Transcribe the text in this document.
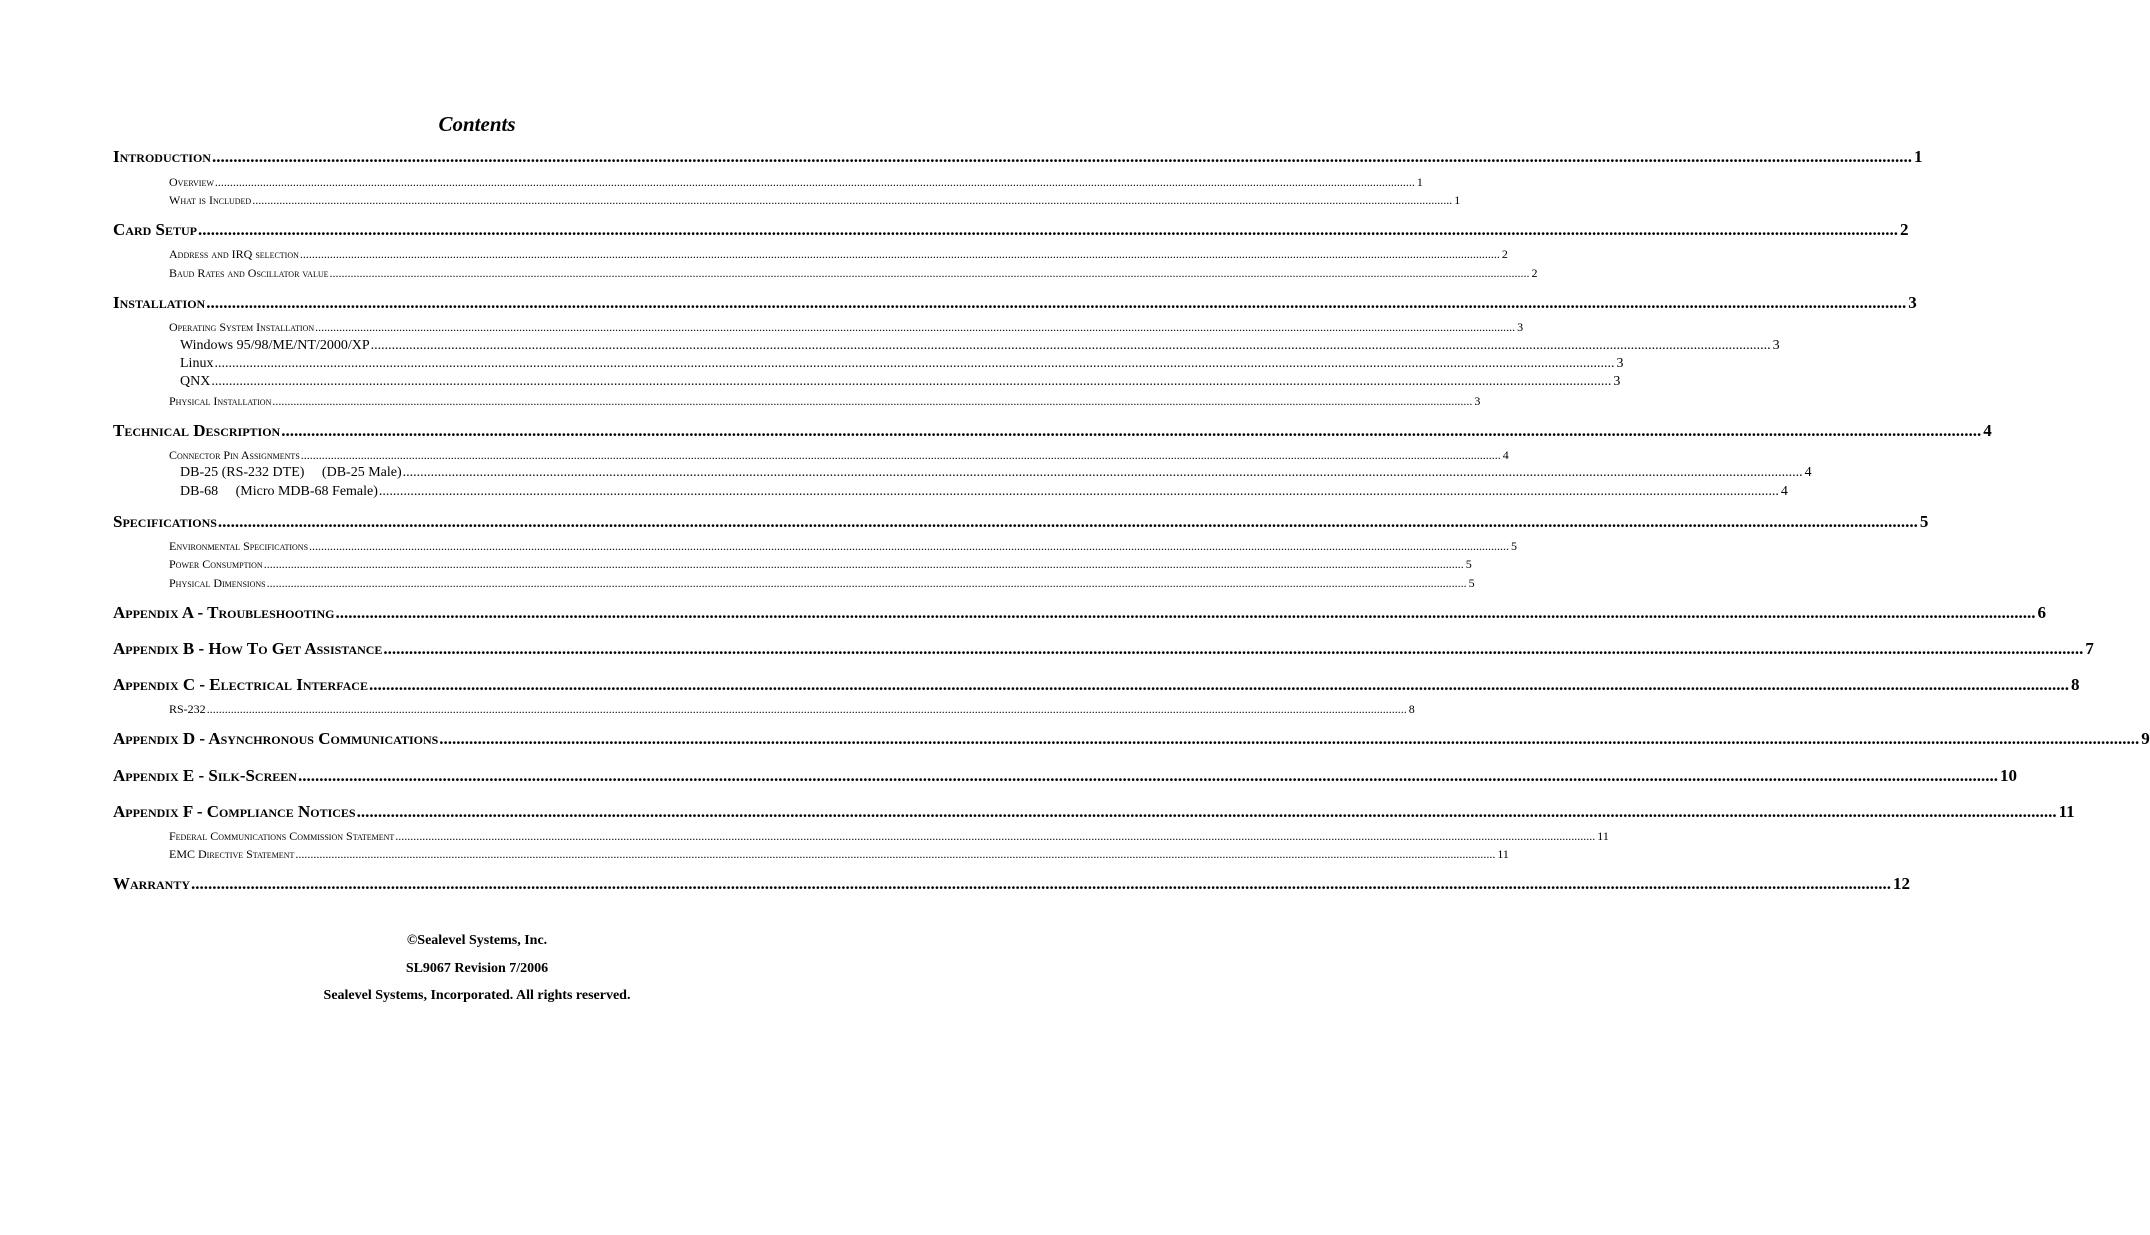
Contents
Introduction ................................................................................................................................................................................................................................................................................................................................................................................................................ 1
Overview ................................................................................................................................................................................................................................................................................................................................................................................................................ 1
What is Included ................................................................................................................................................................................................................................................................................................................................................................................................................ 1
Card Setup ................................................................................................................................................................................................................................................................................................................................................................................................................ 2
Address and IRQ selection ................................................................................................................................................................................................................................................................................................................................................................................................................ 2
Baud Rates and Oscillator value ................................................................................................................................................................................................................................................................................................................................................................................................................ 2
Installation ................................................................................................................................................................................................................................................................................................................................................................................................................ 3
Operating System Installation ................................................................................................................................................................................................................................................................................................................................................................................................................ 3
Windows 95/98/ME/NT/2000/XP ................................................................................................................................................................................................................................................................................................................................................................................................................ 3
Linux ................................................................................................................................................................................................................................................................................................................................................................................................................ 3
QNX ................................................................................................................................................................................................................................................................................................................................................................................................................ 3
Physical Installation ................................................................................................................................................................................................................................................................................................................................................................................................................ 3
Technical Description ................................................................................................................................................................................................................................................................................................................................................................................................................ 4
Connector Pin Assignments ................................................................................................................................................................................................................................................................................................................................................................................................................ 4
DB-25 (RS-232 DTE)     (DB-25 Male) ................................................................................................................................................................................................................................................................................................................................................................................................................ 4
DB-68     (Micro MDB-68 Female) ................................................................................................................................................................................................................................................................................................................................................................................................................ 4
Specifications ................................................................................................................................................................................................................................................................................................................................................................................................................ 5
Environmental Specifications ................................................................................................................................................................................................................................................................................................................................................................................................................ 5
Power Consumption ................................................................................................................................................................................................................................................................................................................................................................................................................ 5
Physical Dimensions ................................................................................................................................................................................................................................................................................................................................................................................................................ 5
Appendix A - Troubleshooting ................................................................................................................................................................................................................................................................................................................................................................................................................ 6
Appendix B - How To Get Assistance ................................................................................................................................................................................................................................................................................................................................................................................................................ 7
Appendix C - Electrical Interface ................................................................................................................................................................................................................................................................................................................................................................................................................ 8
RS-232 ................................................................................................................................................................................................................................................................................................................................................................................................................ 8
Appendix D - Asynchronous Communications ................................................................................................................................................................................................................................................................................................................................................................................................................ 9
Appendix E - Silk-Screen ................................................................................................................................................................................................................................................................................................................................................................................................................ 10
Appendix F - Compliance Notices ................................................................................................................................................................................................................................................................................................................................................................................................................ 11
Federal Communications Commission Statement ................................................................................................................................................................................................................................................................................................................................................................................................................ 11
EMC Directive Statement ................................................................................................................................................................................................................................................................................................................................................................................................................ 11
Warranty ................................................................................................................................................................................................................................................................................................................................................................................................................ 12
©Sealevel Systems, Inc.
SL9067 Revision 7/2006
Sealevel Systems, Incorporated. All rights reserved.
